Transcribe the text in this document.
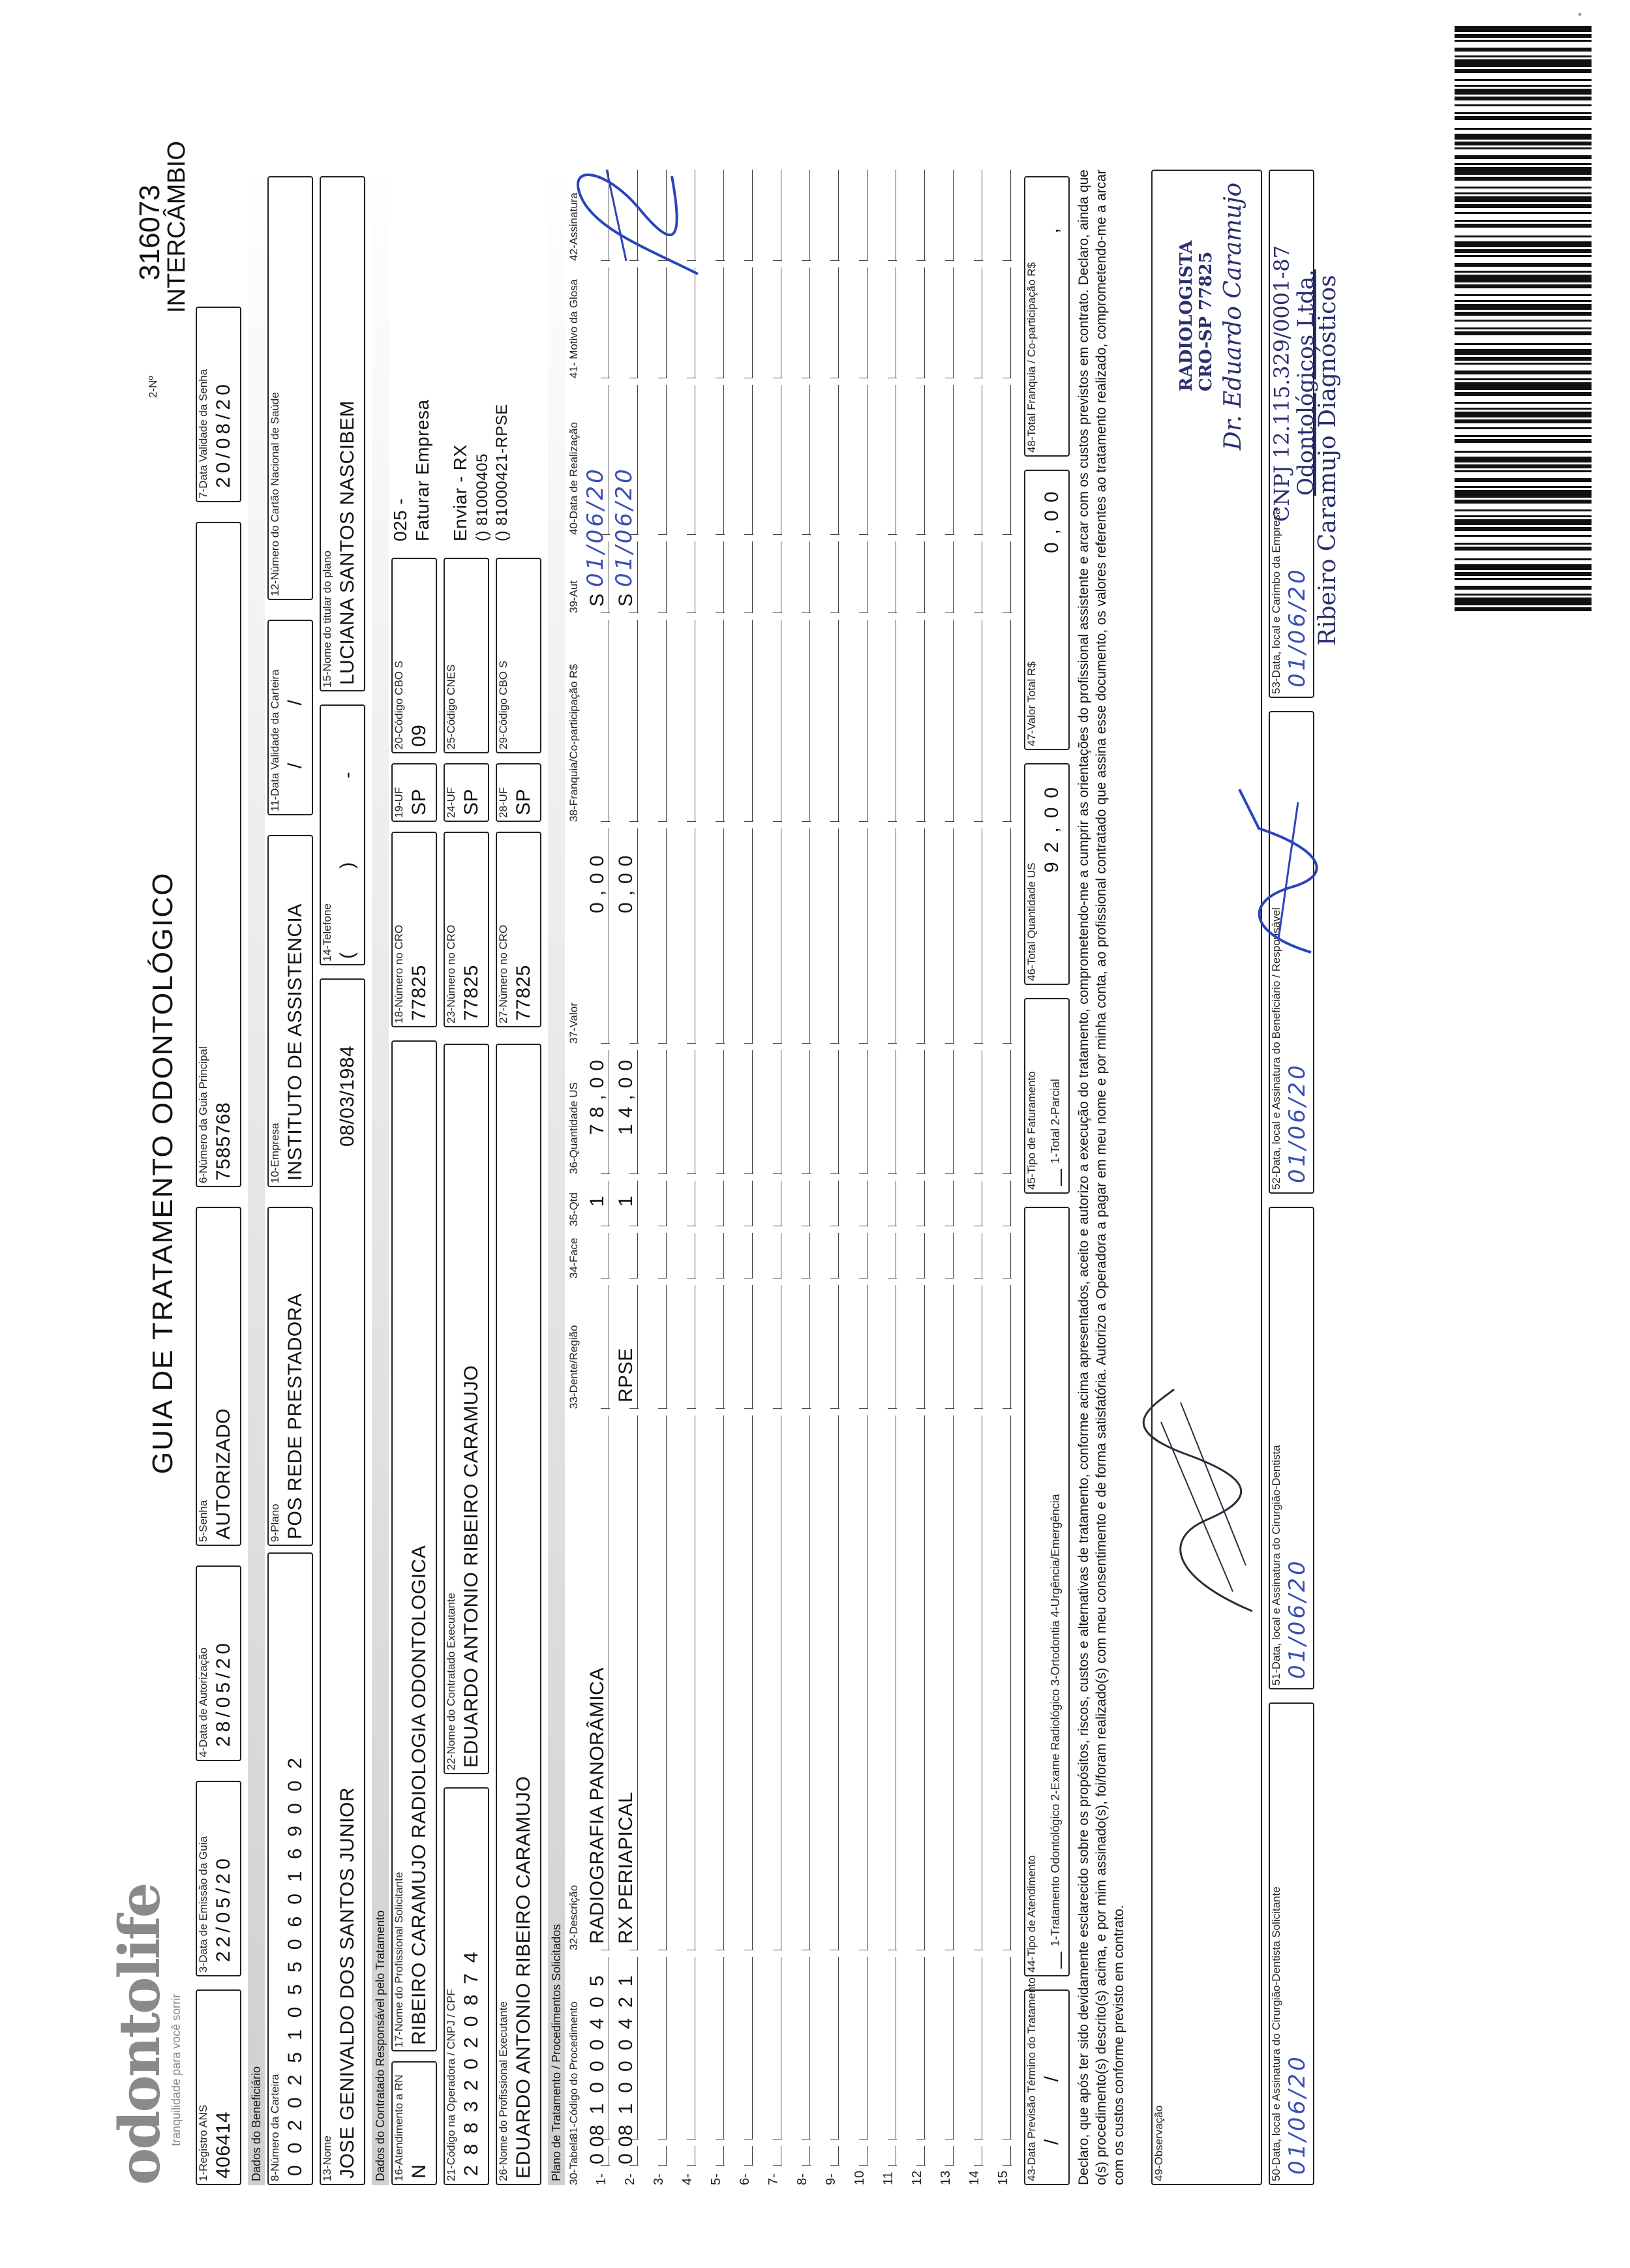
odontolife
tranquilidade para você sorrir
GUIA DE TRATAMENTO ODONTOLÓGICO
2-Nº
316073
INTERCÂMBIO
1-Registro ANS 406414
3-Data de Emissão da Guia 22/05/20
4-Data de Autorização 28/05/20
5-Senha AUTORIZADO
6-Número da Guia Principal 7585768
7-Data Validade da Senha 20/08/20
Dados do Beneficiário 8-Número da Carteira 0020251055060169002
9-Plano POS REDE PRESTADORA
10-Empresa INSTITUTO DE ASSISTENCIA
11-Data Validade da Carteira / /
12-Número do Cartão Nacional de Saúde
13-Nome JOSE GENIVALDO DOS SANTOS JUNIOR
08/03/1984
14-Telefone ( ) -
15-Nome do titular do plano LUCIANA SANTOS NASCIBEM
Dados do Contratado Responsável pelo Tratamento 16-Atendimento a RN N
17-Nome do Profissional Solicitante RIBEIRO CARAMUJO RADIOLOGIA ODONTOLOGICA
18-Número no CRO 77825
19-UF SP
20-Código CBO S 09
025 - Faturar Empresa Enviar - RX () 81000405 () 81000421-RPSE
21-Código na Operadora / CNPJ / CPF 28832020874
22-Nome do Contratado Executante EDUARDO ANTONIO RIBEIRO CARAMUJO
23-Número no CRO 77825
24-UF SP
25-Código CNES
26-Nome do Profissional Executante EDUARDO ANTONIO RIBEIRO CARAMUJO
27-Número no CRO 77825
28-UF SP
29-Código CBO S
Plano de Tratamento / Procedimentos Solicitados 30-Tabela
31-Código do Procedimento
32-Descrição
33-Dente/Região
34-Face
35-Qtd
36-Quantidade US
37-Valor
38-Franquia/Co-participação R$
39-Aut
40-Data de Realização
41- Motivo da Glosa
42-Assinatura
1-
00
81000405
RADIOGRAFIA PANORÂMICA
1
78,00
0,00
S
01/06/20
2-
00
81000421
RX PERIAPICAL
RPSE
1
14,00
0,00
S
01/06/20
3- 4- 5- 6- 7- 8- 9- 10 11 12 13 14 15 43-Data Previsão Término do Tratamento / /
44-Tipo de Atendimento 1-Tratamento Odontológico 2-Exame Radiológico 3-Ortodontia 4-Urgência/Emergência
45-Tipo de Faturamento 1-Total 2-Parcial
46-Total Quantidade US
92,00
47-Valor Total R$
0,00
48-Total Franquia / Co-participação R$
, Declaro, que após ter sido devidamente esclarecido sobre os propósitos, riscos, custos e alternativas de tratamento, conforme acima apresentados, aceito e autorizo a execução do tratamento, comprometendo-me a cumprir as orientações do profissional assistente e arcar com os custos previstos em contrato. Declaro, ainda que o(s) procedimento(s) descrito(s) acima, e por mim assinado(s), foi/foram realizado(s) com meu consentimento e de forma satisfatória. Autorizo a Operadora a pagar em meu nome e por minha conta, ao profissional contratado que assina esse documento, os valores referentes ao tratamento realizado, comprometendo-me a arcar com os custos conforme previsto em contrato. 49-Observação	50-Data, local e Assinatura do Cirurgião-Dentista Solicitante 01/06/20
51-Data, local e Assinatura do Cirurgião-Dentista 01/06/20
52-Data, local e Assinatura do Beneficiário / Responsável 01/06/20
53-Data, local e Carimbo da Empresa 01/06/20 Ribeiro Caramujo Diagnósticos
Odontológicos Ltda.
CNPJ 12.115.329/0001-87
Dr. Eduardo Caramujo
CRO-SP 77825
RADIOLOGISTA
